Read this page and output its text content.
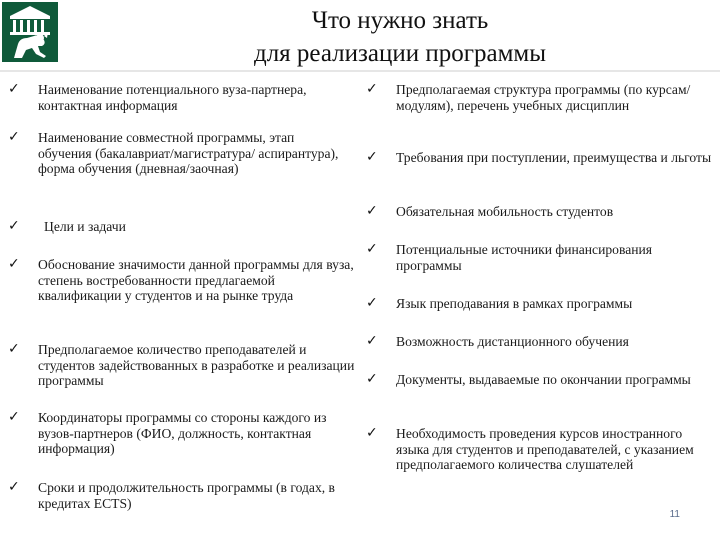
Что нужно знать
для реализации программы
✓	Наименование потенциального вуза-партнера, контактная информация
✓	Наименование совместной программы, этап обучения (бакалавриат/магистратура/ аспирантура), форма обучения (дневная/заочная)
✓	Цели и задачи
✓	Обоснование значимости данной программы для вуза, степень востребованности предлагаемой квалификации у студентов и на рынке труда
✓	Предполагаемое количество преподавателей и студентов задействованных в разработке и реализации программы
✓	Координаторы программы со стороны каждого из вузов-партнеров (ФИО, должность, контактная информация)
✓	Сроки и продолжительность программы (в годах, в кредитах ECTS)
✓	Предполагаемая структура программы (по курсам/модулям), перечень учебных дисциплин
✓	Требования при поступлении, преимущества и льготы
✓	Обязательная мобильность студентов
✓	Потенциальные источники финансирования программы
✓	Язык преподавания в рамках программы
✓	Возможность дистанционного обучения
✓	Документы, выдаваемые по окончании программы
✓	Необходимость проведения курсов иностранного языка для студентов и преподавателей, с указанием предполагаемого количества слушателей
11
